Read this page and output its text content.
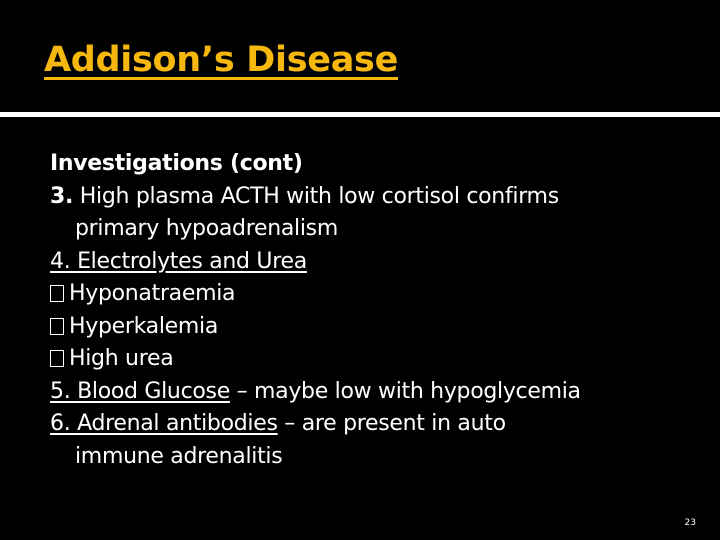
Addison’s Disease
Investigations (cont)
3. High plasma ACTH with low cortisol confirms
primary hypoadrenalism
4. Electrolytes and Urea
Hyponatraemia
Hyperkalemia
High urea
5. Blood Glucose – maybe low with hypoglycemia
6. Adrenal antibodies – are present in auto
immune adrenalitis
23
